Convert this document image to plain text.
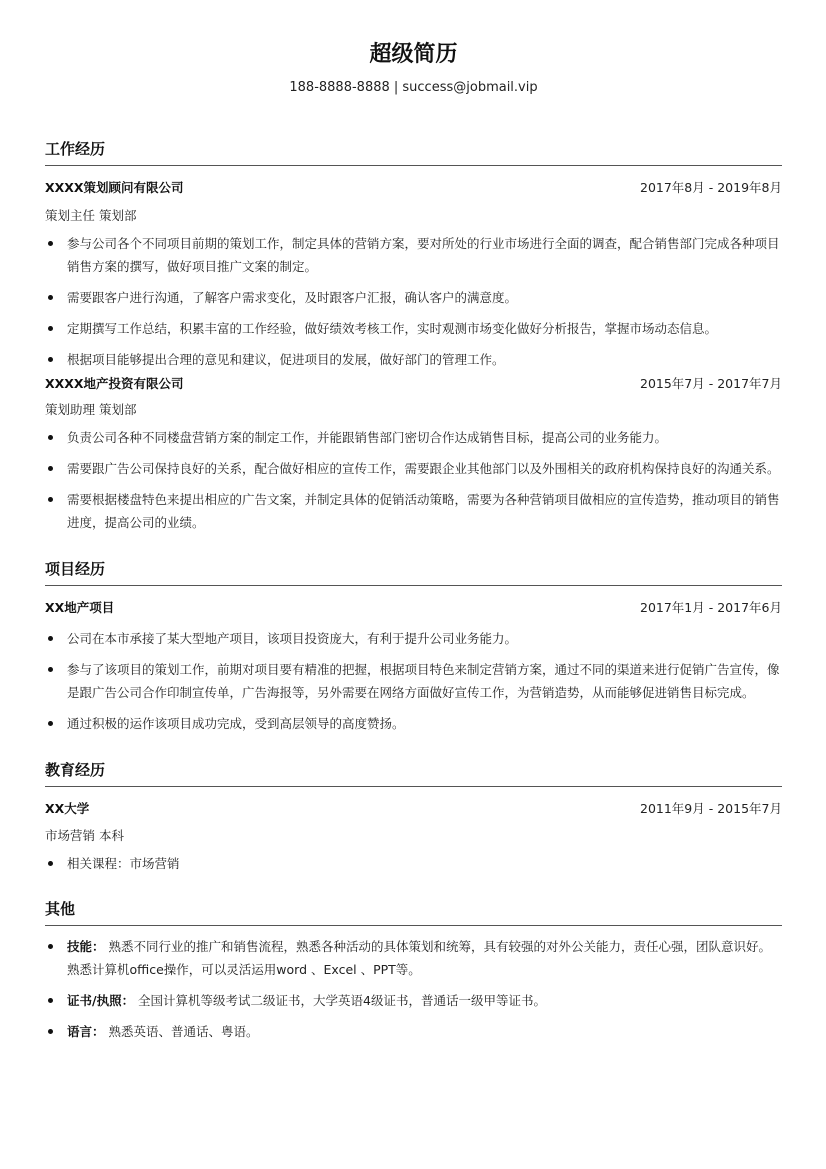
超级简历
188-8888-8888 | success@jobmail.vip
工作经历
XXXX策划顾问有限公司	2017年8月 - 2019年8月
策划主任 策划部
参与公司各个不同项目前期的策划工作，制定具体的营销方案，要对所处的行业市场进行全面的调查，配合销售部门完成各种项目销售方案的撰写，做好项目推广文案的制定。
需要跟客户进行沟通，了解客户需求变化，及时跟客户汇报，确认客户的满意度。
定期撰写工作总结，积累丰富的工作经验，做好绩效考核工作，实时观测市场变化做好分析报告，掌握市场动态信息。
根据项目能够提出合理的意见和建议，促进项目的发展，做好部门的管理工作。
XXXX地产投资有限公司	2015年7月 - 2017年7月
策划助理 策划部
负责公司各种不同楼盘营销方案的制定工作，并能跟销售部门密切合作达成销售目标，提高公司的业务能力。
需要跟广告公司保持良好的关系，配合做好相应的宣传工作，需要跟企业其他部门以及外围相关的政府机构保持良好的沟通关系。
需要根据楼盘特色来提出相应的广告文案，并制定具体的促销活动策略，需要为各种营销项目做相应的宣传造势，推动项目的销售进度，提高公司的业绩。
项目经历
XX地产项目	2017年1月 - 2017年6月
公司在本市承接了某大型地产项目，该项目投资庞大，有利于提升公司业务能力。
参与了该项目的策划工作，前期对项目要有精准的把握，根据项目特色来制定营销方案，通过不同的渠道来进行促销广告宣传，像是跟广告公司合作印制宣传单，广告海报等，另外需要在网络方面做好宣传工作，为营销造势，从而能够促进销售目标完成。
通过积极的运作该项目成功完成，受到高层领导的高度赞扬。
教育经历
XX大学	2011年9月 - 2015年7月
市场营销 本科
相关课程：市场营销
其他
技能： 熟悉不同行业的推广和销售流程，熟悉各种活动的具体策划和统筹，具有较强的对外公关能力，责任心强，团队意识好。 熟悉计算机office操作，可以灵活运用word 、Excel 、PPT等。
证书/执照： 全国计算机等级考试二级证书，大学英语4级证书，普通话一级甲等证书。
语言： 熟悉英语、普通话、粤语。
